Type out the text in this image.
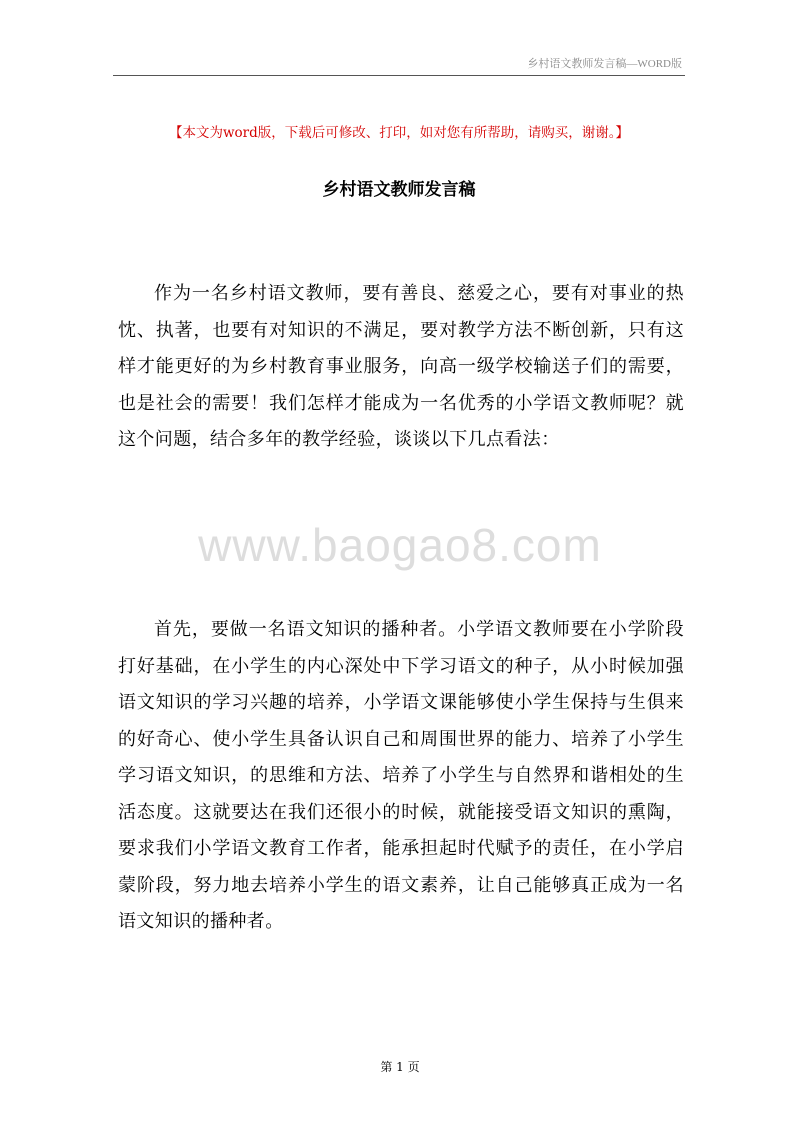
乡村语文教师发言稿—WORD版
【本文为word版，下载后可修改、打印，如对您有所帮助，请购买，谢谢。】
乡村语文教师发言稿

作为一名乡村语文教师，要有善良、慈爱之心，要有对事业的热忱、执著，也要有对知识的不满足，要对教学方法不断创新，只有这样才能更好的为乡村教育事业服务，向高一级学校输送子们的需要，也是社会的需要！我们怎样才能成为一名优秀的小学语文教师呢？就这个问题，结合多年的教学经验，谈谈以下几点看法：

www.baogao8.com

首先，要做一名语文知识的播种者。小学语文教师要在小学阶段打好基础，在小学生的内心深处中下学习语文的种子，从小时候加强语文知识的学习兴趣的培养，小学语文课能够使小学生保持与生俱来的好奇心、使小学生具备认识自己和周围世界的能力、培养了小学生学习语文知识，的思维和方法、培养了小学生与自然界和谐相处的生活态度。这就要达在我们还很小的时候，就能接受语文知识的熏陶，要求我们小学语文教育工作者，能承担起时代赋予的责任，在小学启蒙阶段，努力地去培养小学生的语文素养，让自己能够真正成为一名语文知识的播种者。

第 1 页
